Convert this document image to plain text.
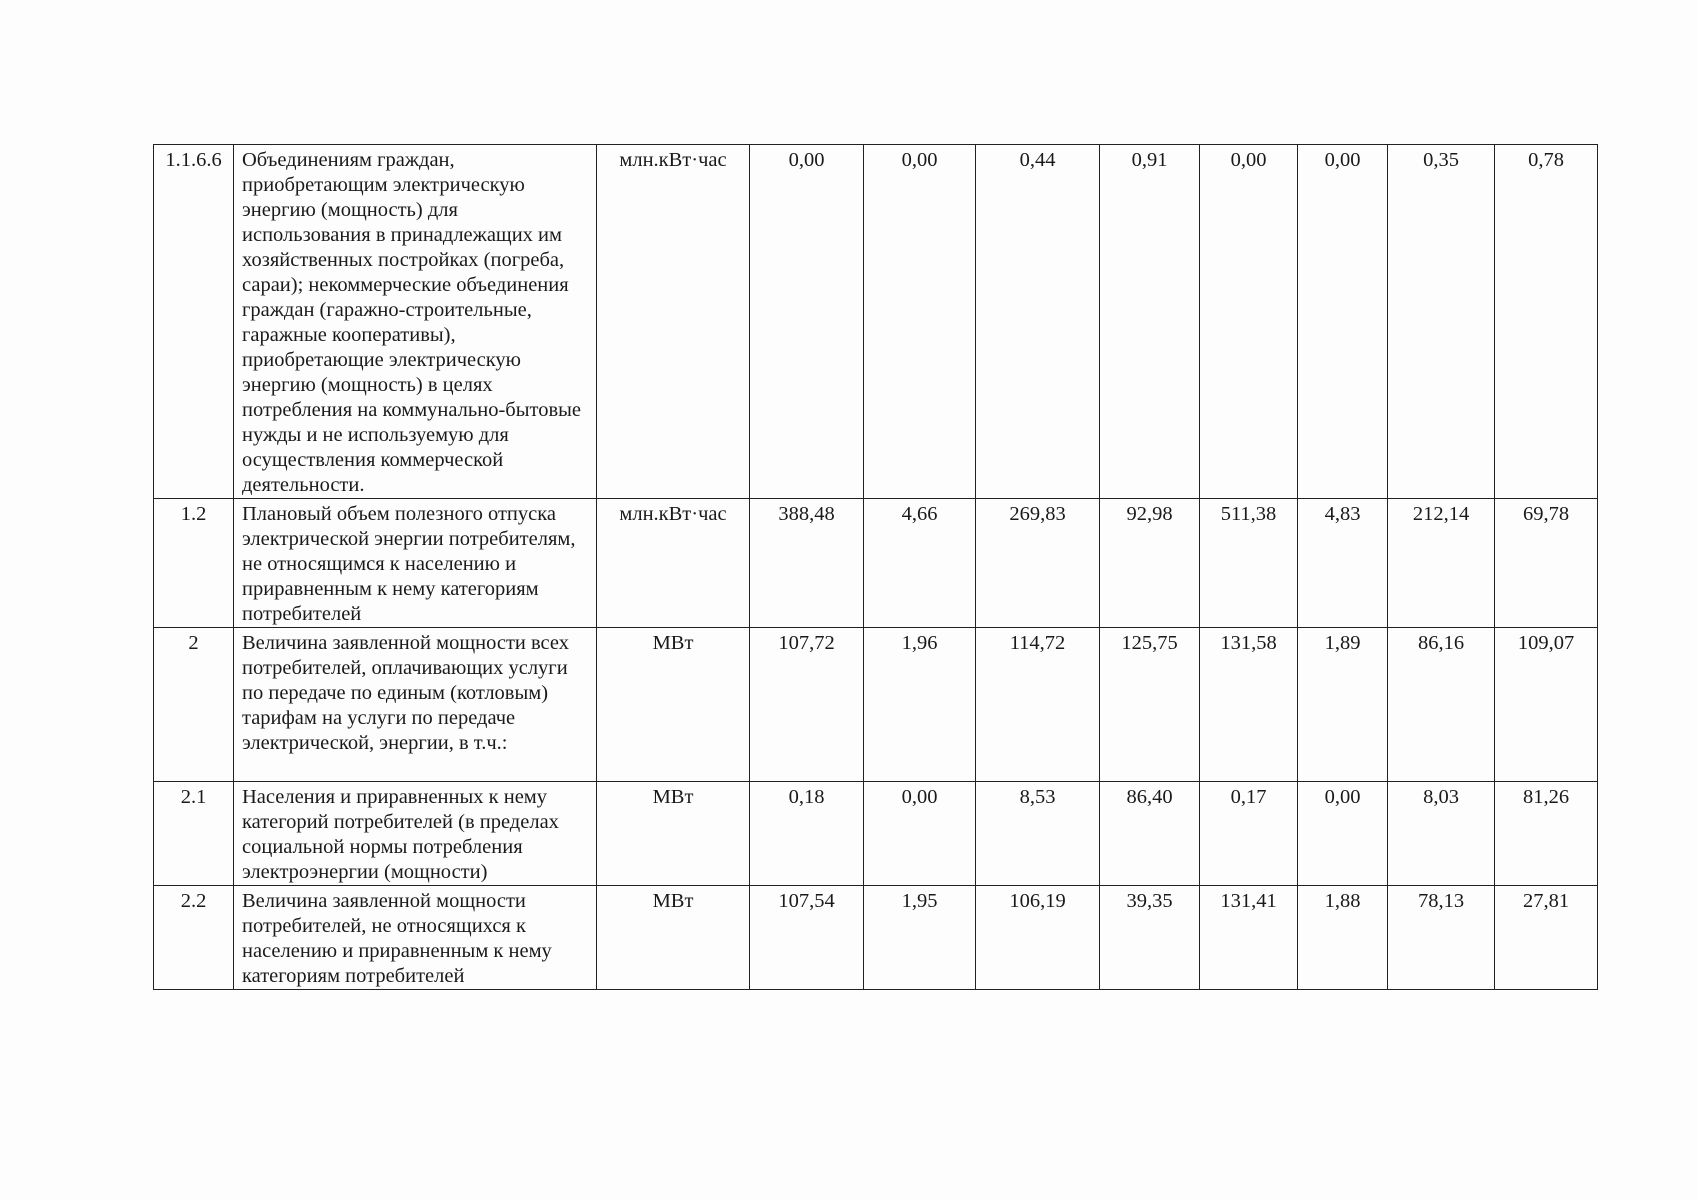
1.1.6.6	Объединениям граждан, приобретающим электрическую энергию (мощность) для использования в принадлежащих им хозяйственных постройках (погреба, сараи); некоммерческие объединения граждан (гаражно-строительные, гаражные кооперативы), приобретающие электрическую энергию (мощность) в целях потребления на коммунально-бытовые нужды и не используемую для осуществления коммерческой деятельности.	млн.кВт·час	0,00	0,00	0,44	0,91	0,00	0,00	0,35	0,78
1.2	Плановый объем полезного отпуска электрической энергии потребителям, не относящимся к населению и приравненным к нему категориям потребителей	млн.кВт·час	388,48	4,66	269,83	92,98	511,38	4,83	212,14	69,78
2	Величина заявленной мощности всех потребителей, оплачивающих услуги по передаче по единым (котловым) тарифам на услуги по передаче электрической, энергии, в т.ч.:	МВт	107,72	1,96	114,72	125,75	131,58	1,89	86,16	109,07
2.1	Населения и приравненных к нему категорий потребителей (в пределах социальной нормы потребления электроэнергии (мощности)	МВт	0,18	0,00	8,53	86,40	0,17	0,00	8,03	81,26
2.2	Величина заявленной мощности потребителей, не относящихся к населению и приравненным к нему категориям потребителей	МВт	107,54	1,95	106,19	39,35	131,41	1,88	78,13	27,81
